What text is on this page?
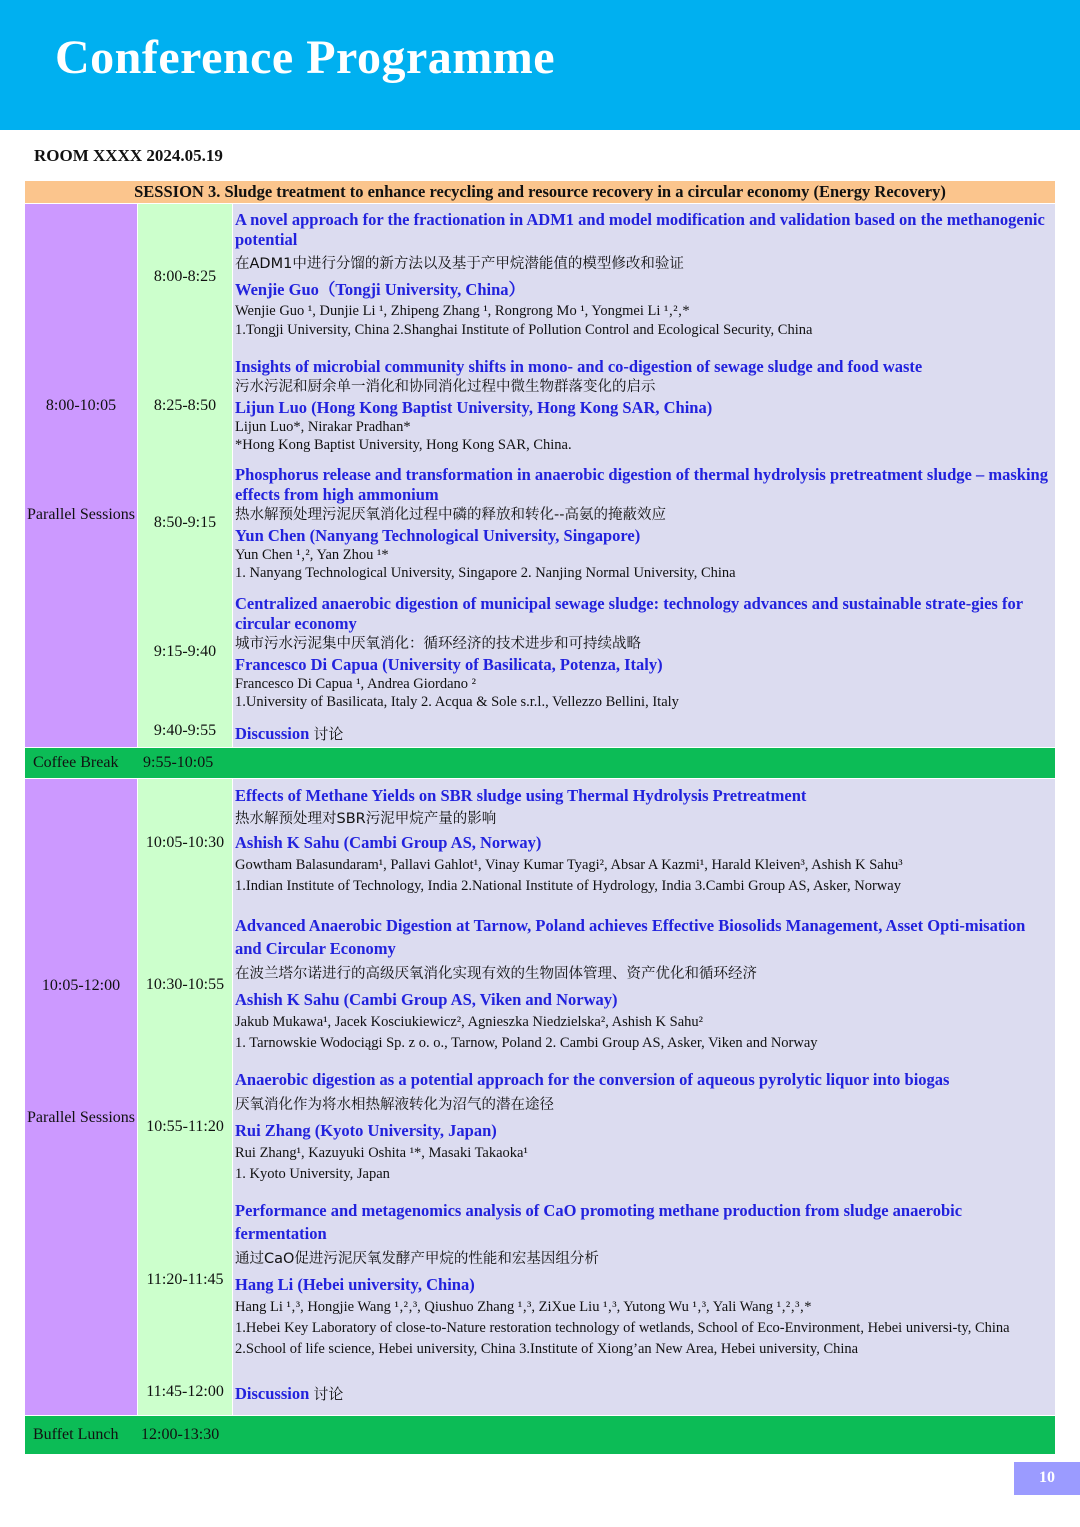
Conference Programme
ROOM XXXX 2024.05.19
SESSION 3. Sludge treatment to enhance recycling and resource recovery in a circular economy (Energy Recovery)
8:00-10:05
Parallel Sessions
8:00-8:25
A novel approach for the fractionation in ADM1 and model modification and validation based on the methanogenic potential
在ADM1中进行分馏的新方法以及基于产甲烷潜能值的模型修改和验证
Wenjie Guo（Tongji University, China）
Wenjie Guo ¹, Dunjie Li ¹, Zhipeng Zhang ¹, Rongrong Mo ¹, Yongmei Li ¹‚²‚*
1.Tongji University, China 2.Shanghai Institute of Pollution Control and Ecological Security, China
8:25-8:50
Insights of microbial community shifts in mono- and co-digestion of sewage sludge and food waste
污水污泥和厨余单一消化和协同消化过程中微生物群落变化的启示
Lijun Luo (Hong Kong Baptist University, Hong Kong SAR, China)
Lijun Luo*, Nirakar Pradhan*
*Hong Kong Baptist University, Hong Kong SAR, China.
8:50-9:15
Phosphorus release and transformation in anaerobic digestion of thermal hydrolysis pretreatment sludge – masking effects from high ammonium
热水解预处理污泥厌氧消化过程中磷的释放和转化--高氨的掩蔽效应
Yun Chen (Nanyang Technological University, Singapore)
Yun Chen ¹‚², Yan Zhou ¹*
1. Nanyang Technological University, Singapore 2. Nanjing Normal University, China
9:15-9:40
Centralized anaerobic digestion of municipal sewage sludge: technology advances and sustainable strate-gies for circular economy
城市污水污泥集中厌氧消化：循环经济的技术进步和可持续战略
Francesco Di Capua (University of Basilicata, Potenza, Italy)
Francesco Di Capua ¹, Andrea Giordano ²
1.University of Basilicata, Italy 2. Acqua & Sole s.r.l., Vellezzo Bellini, Italy
9:40-9:55	Discussion 讨论
Coffee Break 9:55-10:05
10:05-12:00
Parallel Sessions
10:05-10:30
Effects of Methane Yields on SBR sludge using Thermal Hydrolysis Pretreatment
热水解预处理对SBR污泥甲烷产量的影响
Ashish K Sahu (Cambi Group AS, Norway)
Gowtham Balasundaram¹, Pallavi Gahlot¹, Vinay Kumar Tyagi², Absar A Kazmi¹, Harald Kleiven³, Ashish K Sahu³
1.Indian Institute of Technology, India 2.National Institute of Hydrology, India 3.Cambi Group AS, Asker, Norway
10:30-10:55
Advanced Anaerobic Digestion at Tarnow, Poland achieves Effective Biosolids Management, Asset Opti-misation and Circular Economy
在波兰塔尔诺进行的高级厌氧消化实现有效的生物固体管理、资产优化和循环经济
Ashish K Sahu (Cambi Group AS, Viken and Norway)
Jakub Mukawa¹, Jacek Kosciukiewicz², Agnieszka Niedzielska², Ashish K Sahu²
1. Tarnowskie Wodociągi Sp. z o. o., Tarnow, Poland 2. Cambi Group AS, Asker, Viken and Norway
10:55-11:20
Anaerobic digestion as a potential approach for the conversion of aqueous pyrolytic liquor into biogas
厌氧消化作为将水相热解液转化为沼气的潜在途径
Rui Zhang (Kyoto University, Japan)
Rui Zhang¹, Kazuyuki Oshita ¹*, Masaki Takaoka¹
1. Kyoto University, Japan
11:20-11:45
Performance and metagenomics analysis of CaO promoting methane production from sludge anaerobic fermentation
通过CaO促进污泥厌氧发酵产甲烷的性能和宏基因组分析
Hang Li (Hebei university, China)
Hang Li ¹‚³, Hongjie Wang ¹‚²‚³, Qiushuo Zhang ¹‚³, ZiXue Liu ¹‚³, Yutong Wu ¹‚³, Yali Wang ¹‚²‚³‚*
1.Hebei Key Laboratory of close-to-Nature restoration technology of wetlands, School of Eco-Environment, Hebei universi-ty, China 2.School of life science, Hebei university, China 3.Institute of Xiong’an New Area, Hebei university, China
11:45-12:00 Discussion 讨论
Buffet Lunch 12:00-13:30
10
